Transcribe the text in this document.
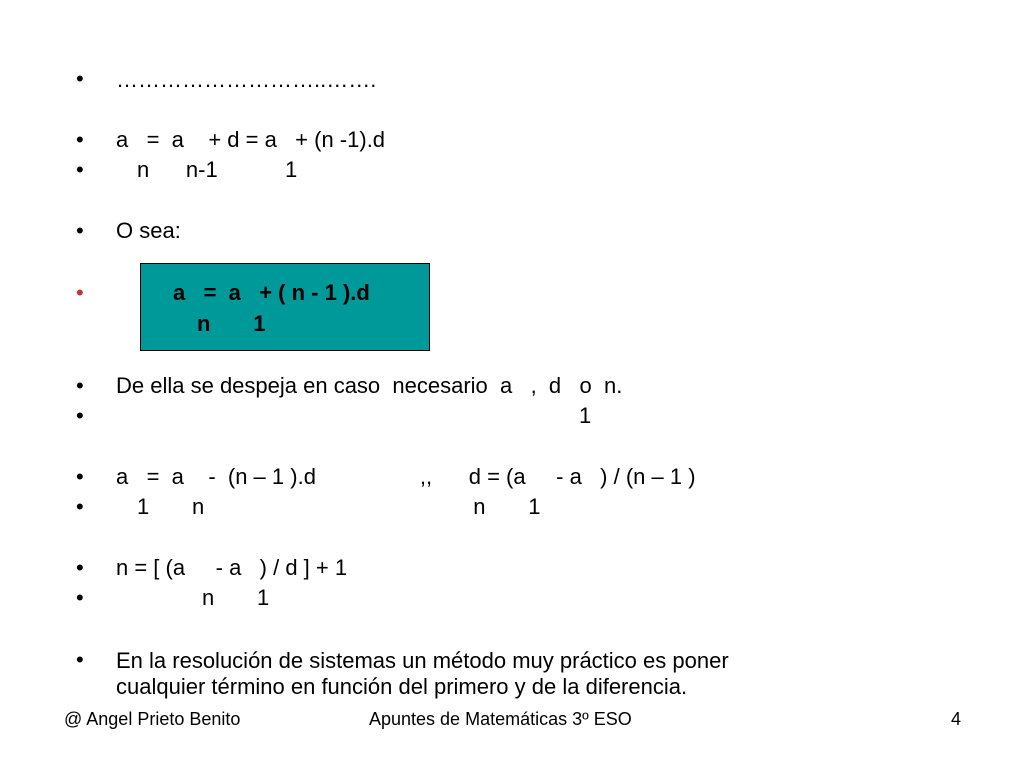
•
•
•
•
•
•
•
•
•
•
•
•
………………………..…….
a   =  a    + d = a   + (n -1).d
n      n-1           1
O sea:
a   =  a   + ( n - 1 ).d
n       1
De ella se despeja en caso  necesario  a   ,  d   o  n.
1
a   =  a    -  (n – 1 ).d                 ,,      d = (a     - a   ) / (n – 1 )
1       n                                            n       1
n = [ (a     - a   ) / d ] + 1
n       1
En la resolución de sistemas un método muy práctico es poner
cualquier término en función del primero y de la diferencia.
@ Angel Prieto Benito	Apuntes de Matemáticas 3º ESO	4
